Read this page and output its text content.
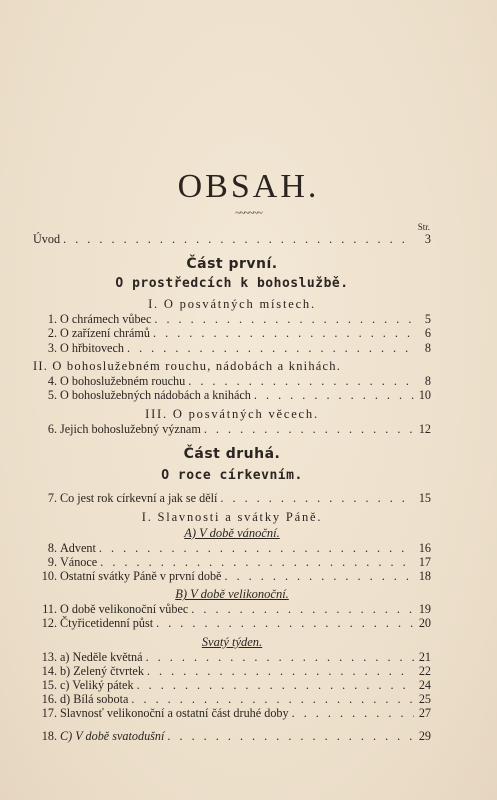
OBSAH.
~~~~~~
Str.
Úvod . . .	3
Část první.
O prostředcích k bohoslužbě.
I. O posvátných místech.
1. O chrámech vůbec . . .	5
2. O zařízení chrámů . . .	6
3. O hřbitovech . . .	8
II. O bohoslužebném rouchu, nádobách a knihách.
4. O bohoslužebném rouchu . . .	8
5. O bohoslužebných nádobách a knihách . . .	10
III. O posvátných věcech.
6. Jejich bohoslužebný význam . . .	12
Část druhá.
O roce církevním.
7. Co jest rok církevní a jak se dělí . . .	15
I. Slavnosti a svátky Páně.
A) V době vánoční.
8. Advent . . .	16
9. Vánoce . . .	17
10. Ostatní svátky Páně v první době . . .	18
B) V době velikonoční.
11. O době velikonoční vůbec . . .	19
12. Čtyřicetidenní půst . . .	20
Svatý týden.
13. a) Neděle květná . . .	21
14. b) Zelený čtvrtek . . .	22
15. c) Veliký pátek . . .	24
16. d) Bílá sobota . . .	25
17. Slavnosť velikonoční a ostatní část druhé doby . . .	27
18. C) V době svatodušní . . .	29
